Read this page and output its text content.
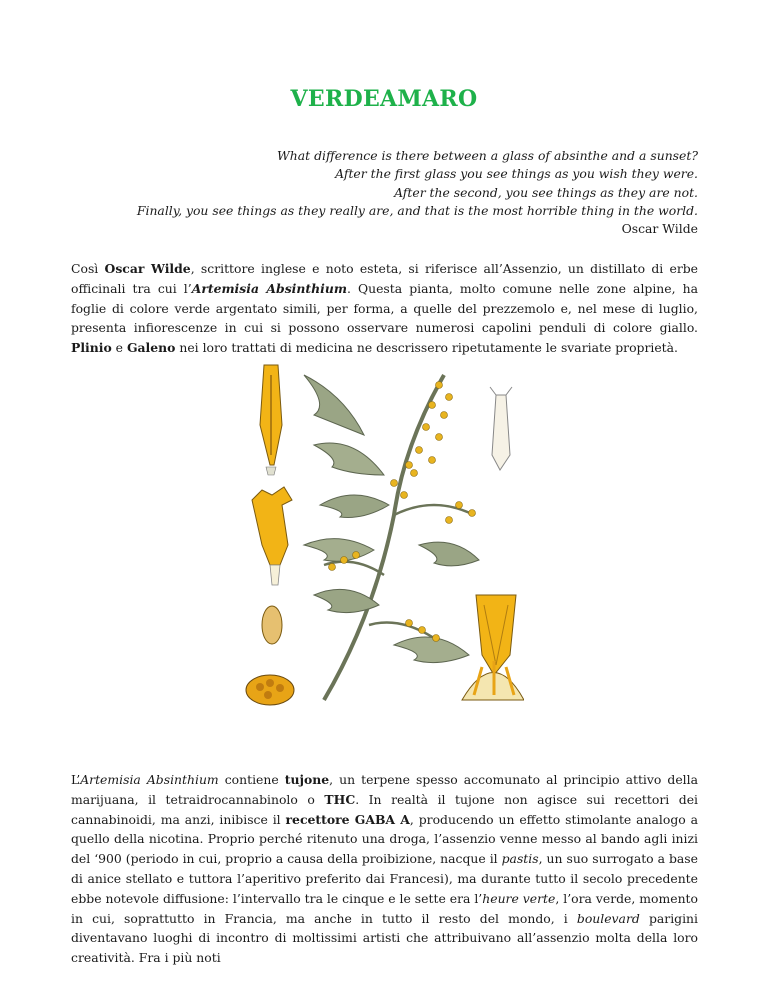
VERDEAMARO
What difference is there between a glass of absinthe and a sunset?
After the first glass you see things as you wish they were.
After the second, you see things as they are not.
Finally, you see things as they really are, and that is the most horrible thing in the world.
Oscar Wilde

Così Oscar Wilde, scrittore inglese e noto esteta, si riferisce all’Assenzio, un distillato di erbe officinali tra cui l’Artemisia Absinthium. Questa pianta, molto comune nelle zone alpine, ha foglie di colore verde argentato simili, per forma, a quelle del prezzemolo e, nel mese di luglio, presenta infiorescenze in cui si possono osservare numerosi capolini penduli di colore giallo. Plinio e Galeno nei loro trattati di medicina ne descrissero ripetutamente le svariate proprietà.

L’Artemisia Absinthium contiene tujone, un terpene spesso accomunato al principio attivo della marijuana, il tetraidrocannabinolo o THC. In realtà il tujone non agisce sui recettori dei cannabinoidi, ma anzi, inibisce il recettore GABA A, producendo un effetto stimolante analogo a quello della nicotina. Proprio perché ritenuto una droga, l’assenzio venne messo al bando agli inizi del ‘900 (periodo in cui, proprio a causa della proibizione, nacque il pastis, un suo surrogato a base di anice stellato e tuttora l’aperitivo preferito dai Francesi), ma durante tutto il secolo precedente ebbe notevole diffusione: l’intervallo tra le cinque e le sette era l’heure verte, l’ora verde, momento in cui, soprattutto in Francia, ma anche in tutto il resto del mondo, i boulevard parigini diventavano luoghi di incontro di moltissimi artisti che attribuivano all’assenzio molta della loro creatività. Fra i più noti
